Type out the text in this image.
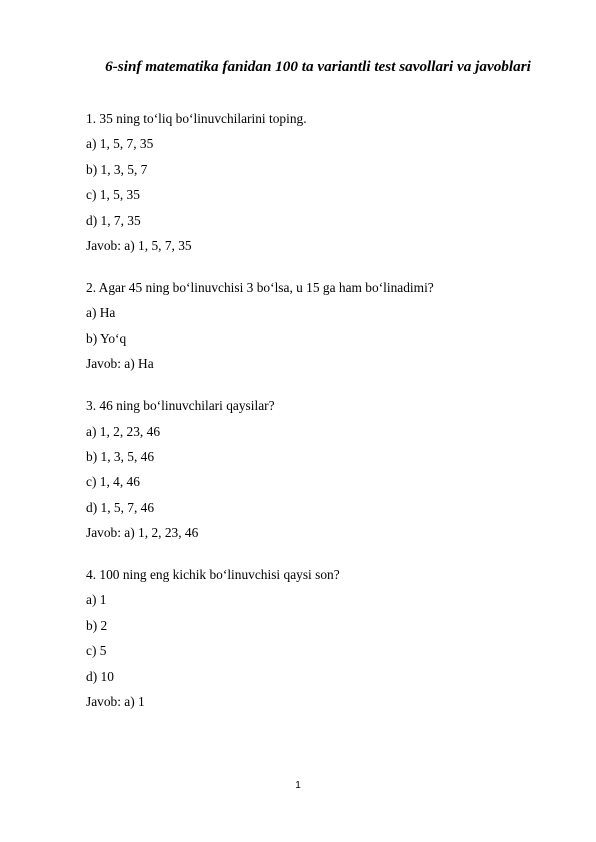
6-sinf matematika fanidan 100 ta variantli test savollari va javoblari
1. 35 ning toʻliq boʻlinuvchilarini toping.
a) 1, 5, 7, 35
b) 1, 3, 5, 7
c) 1, 5, 35
d) 1, 7, 35
Javob: a) 1, 5, 7, 35
2. Agar 45 ning boʻlinuvchisi 3 boʻlsa, u 15 ga ham boʻlinadimi?
a) Ha
b) Yoʻq
Javob: a) Ha
3. 46 ning boʻlinuvchilari qaysilar?
a) 1, 2, 23, 46
b) 1, 3, 5, 46
c) 1, 4, 46
d) 1, 5, 7, 46
Javob: a) 1, 2, 23, 46
4. 100 ning eng kichik boʻlinuvchisi qaysi son?
a) 1
b) 2
c) 5
d) 10
Javob: a) 1
1
